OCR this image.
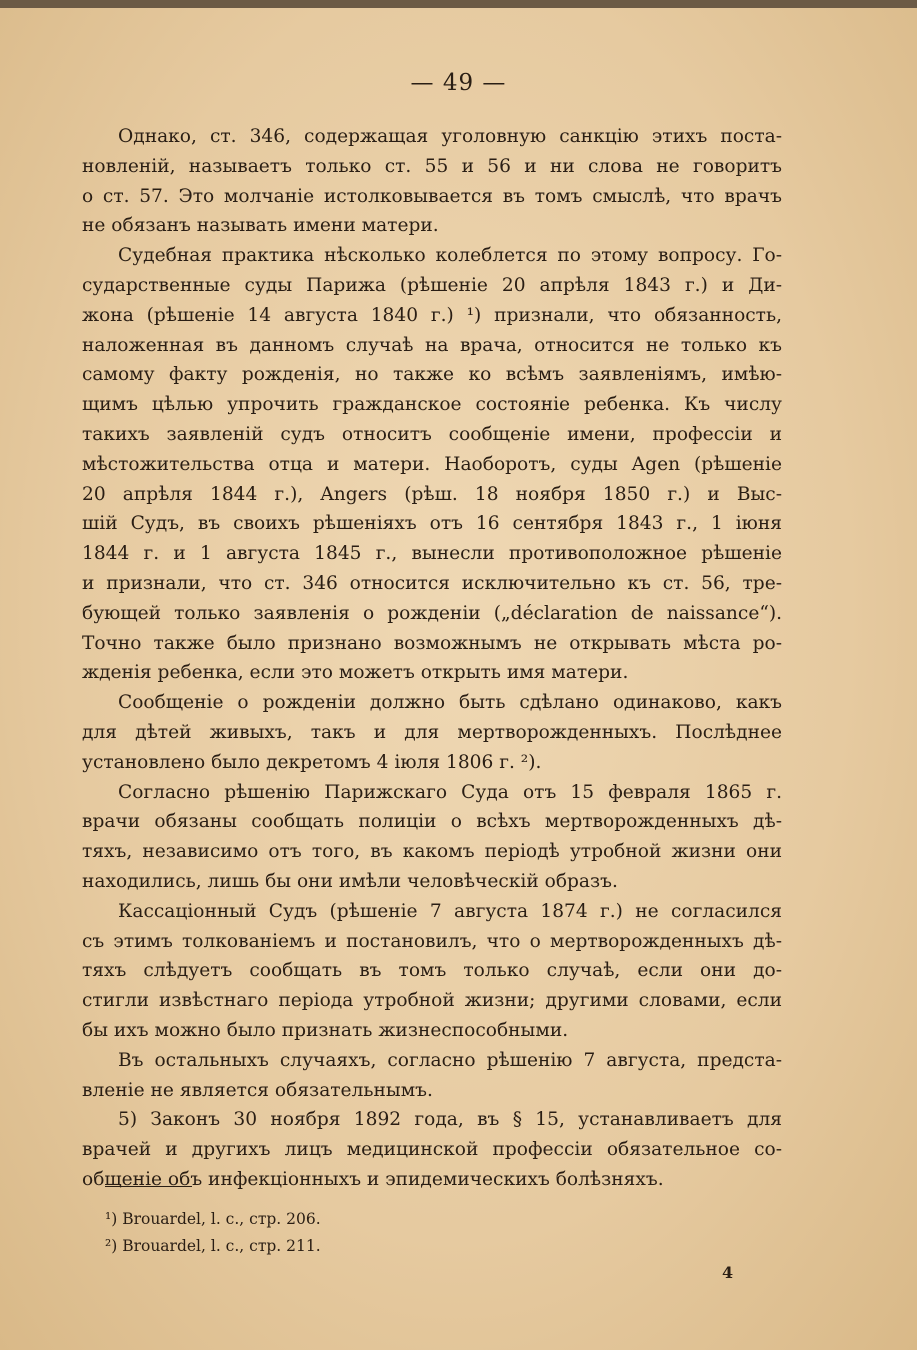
— 49 —
Однако, ст. 346, содержащая уголовную санкцію этихъ поста-
новленій, называетъ только ст. 55 и 56 и ни слова не говоритъ
о ст. 57. Это молчаніе истолковывается въ томъ смыслѣ, что врачъ
не обязанъ называть имени матери.
Судебная практика нѣсколько колеблется по этому вопросу. Го-
сударственные суды Парижа (рѣшеніе 20 апрѣля 1843 г.) и Ди-
жона (рѣшеніе 14 августа 1840 г.) ¹) признали, что обязанность,
наложенная въ данномъ случаѣ на врача, относится не только къ
самому факту рожденія, но также ко всѣмъ заявленіямъ, имѣю-
щимъ цѣлью упрочить гражданское состояніе ребенка. Къ числу
такихъ заявленій судъ относитъ сообщеніе имени, профессіи и
мѣстожительства отца и матери. Наоборотъ, суды Agen (рѣшеніе
20 апрѣля 1844 г.), Angers (рѣш. 18 ноября 1850 г.) и Выс-
шій Судъ, въ своихъ рѣшеніяхъ отъ 16 сентября 1843 г., 1 іюня
1844 г. и 1 августа 1845 г., вынесли противоположное рѣшеніе
и признали, что ст. 346 относится исключительно къ ст. 56, тре-
бующей только заявленія о рожденіи („déclaration de naissance“).
Точно также было признано возможнымъ не открывать мѣста ро-
жденія ребенка, если это можетъ открыть имя матери.
Сообщеніе о рожденіи должно быть сдѣлано одинаково, какъ
для дѣтей живыхъ, такъ и для мертворожденныхъ. Послѣднее
установлено было декретомъ 4 іюля 1806 г. ²).
Согласно рѣшенію Парижскаго Суда отъ 15 февраля 1865 г.
врачи обязаны сообщать полиціи о всѣхъ мертворожденныхъ дѣ-
тяхъ, независимо отъ того, въ какомъ періодѣ утробной жизни они
находились, лишь бы они имѣли человѣческій образъ.
Кассаціонный Судъ (рѣшеніе 7 августа 1874 г.) не согласился
съ этимъ толкованіемъ и постановилъ, что о мертворожденныхъ дѣ-
тяхъ слѣдуетъ сообщать въ томъ только случаѣ, если они до-
стигли извѣстнаго періода утробной жизни; другими словами, если
бы ихъ можно было признать жизнеспособными.
Въ остальныхъ случаяхъ, согласно рѣшенію 7 августа, предста-
вленіе не является обязательнымъ.
5) Законъ 30 ноября 1892 года, въ § 15, устанавливаетъ для
врачей и другихъ лицъ медицинской профессіи обязательное со-
общеніе объ инфекціонныхъ и эпидемическихъ болѣзняхъ.
¹) Brouardel, l. c., стр. 206.
²) Brouardel, l. c., стр. 211.
4
